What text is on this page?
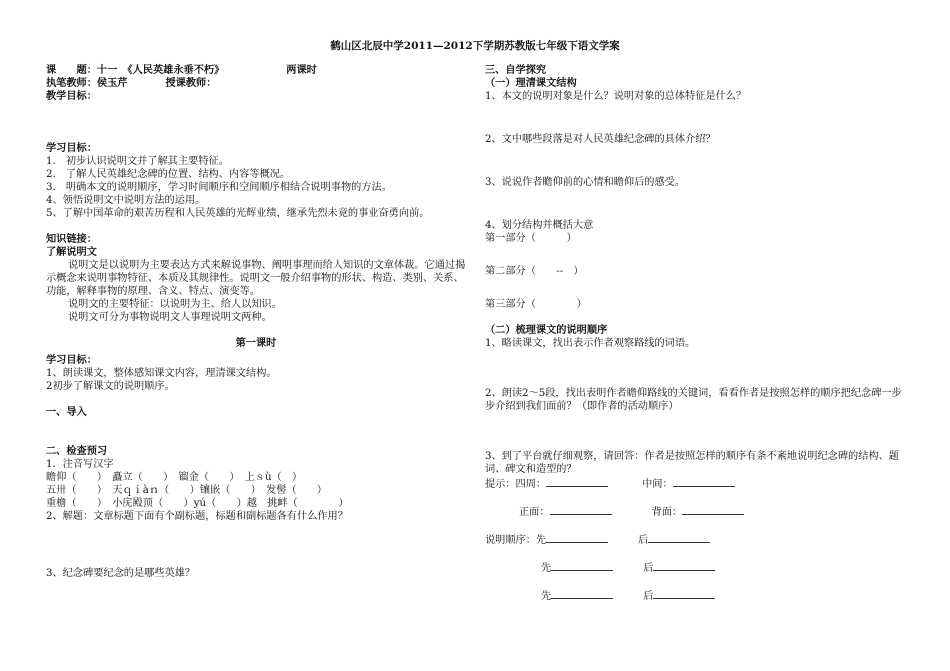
鹤山区北辰中学2011—2012下学期苏教版七年级下语文学案
课　　题：十一　《人民英雄永垂不朽》	两课时
执笔教师：侯玉芹	授课教师：
教学目标：
学习目标：
1.　初步认识说明文并了解其主要特征。
2.　了解人民英雄纪念碑的位置、结构、内容等概况。
3.　明确本文的说明顺序，学习时间顺序和空间顺序相结合说明事物的方法。
4、领悟说明文中说明方法的运用。
5、了解中国革命的艰苦历程和人民英雄的光辉业绩，继承先烈未竟的事业奋勇向前。
知识链接：
了解说明文
说明文是以说明为主要表达方式来解说事物、阐明事理而给人知识的文章体裁。它通过揭示概念来说明事物特征、本质及其规律性。说明文一般介绍事物的形状、构造、类别、关系、功能，解释事物的原理、含义、特点、演变等。
说明文的主要特征：以说明为主、给人以知识。
说明文可分为事物说明文人事理说明文两种。
第一课时
学习目标：
1、朗读课文，整体感知课文内容，理清课文结构。
2初步了解课文的说明顺序。
一、导入
二、检查预习
1．注音写汉字
瞻仰（　　）　矗立（　　）　镏金（　　）　上ｓù（　）
五卅（　　）　天ｑｉàｎ（　　）镶嵌（　　）　发髻（　　）
重檐（　　）　小庑殿顶（　　）yú（　　）越　挑衅（　　　　）
2、解题：文章标题下面有个副标题，标题和副标题各有什么作用？
3、纪念碑要纪念的是哪些英雄？
三、自学探究
（一）理清课文结构
1、本文的说明对象是什么？说明对象的总体特征是什么？
2、文中哪些段落是对人民英雄纪念碑的具体介绍？
3、说说作者瞻仰前的心情和瞻仰后的感受。
4、划分结构并概括大意
第一部分（　　　）
第二部分（　　--　）
第三部分（　　　　）
（二）梳理课文的说明顺序
1、略读课文，找出表示作者观察路线的词语。
2、朗读2～5段，找出表明作者瞻仰路线的关键词，看看作者是按照怎样的顺序把纪念碑一步步介绍到我们面前？（即作者的活动顺序）
3、到了平台就仔细观察，请回答：作者是按照怎样的顺序有条不紊地说明纪念碑的结构、题词、碑文和造型的？
提示：四周：	中间：
正面：	背面：
说明顺序：先	后
先	后
先	后
